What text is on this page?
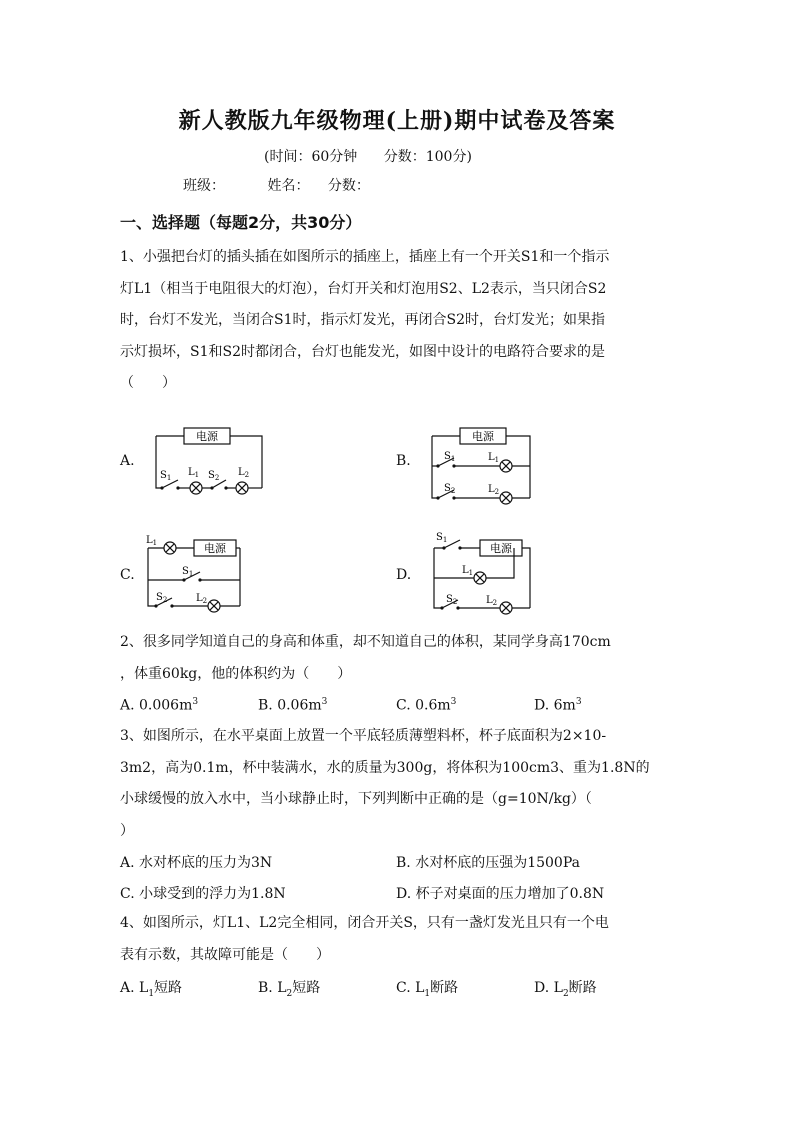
新人教版九年级物理(上册)期中试卷及答案
(时间：60分钟 分数：100分)
班级：	姓名： 分数：
一、选择题（每题2分，共30分）
1、小强把台灯的插头插在如图所示的插座上，插座上有一个开关S1和一个指示
灯L1（相当于电阻很大的灯泡），台灯开关和灯泡用S2、L2表示，当只闭合S2
时，台灯不发光，当闭合S1时，指示灯发光，再闭合S2时，台灯发光；如果指
示灯损坏，S1和S2时都闭合，台灯也能发光，如图中设计的电路符合要求的是
（　　）
A.	B.
C.	D.
电源
$S_1$ $L_1$ $S_2$ $L_2$
电源
$S_1$	$L_1$
$S_2$	$L_2$
电源
$L_1$
$S_1$
$S_2$	$L_2$
电源
$S_1$
$L_1$
$S_2$	$L_2$
2、很多同学知道自己的身高和体重，却不知道自己的体积，某同学身高170cm
，体重60kg，他的体积约为（　　）
A. $0.006m^3$	B. $0.06m^3$	C. $0.6m^3$	D. $6m^3$
3、如图所示，在水平桌面上放置一个平底轻质薄塑料杯，杯子底面积为2×10-
3m2，高为0.1m，杯中装满水，水的质量为300g，将体积为100cm3、重为1.8N的
小球缓慢的放入水中，当小球静止时，下列判断中正确的是（g=10N/kg）（
）
A. 水对杯底的压力为3N	B. 水对杯底的压强为1500Pa
C. 小球受到的浮力为1.8N	D. 杯子对桌面的压力增加了0.8N
4、如图所示，灯L1、L2完全相同，闭合开关S，只有一盏灯发光且只有一个电
表有示数，其故障可能是（　　）
A. $L_1$短路	B. $L_2$短路	C. $L_1$断路	D. $L_2$断路
